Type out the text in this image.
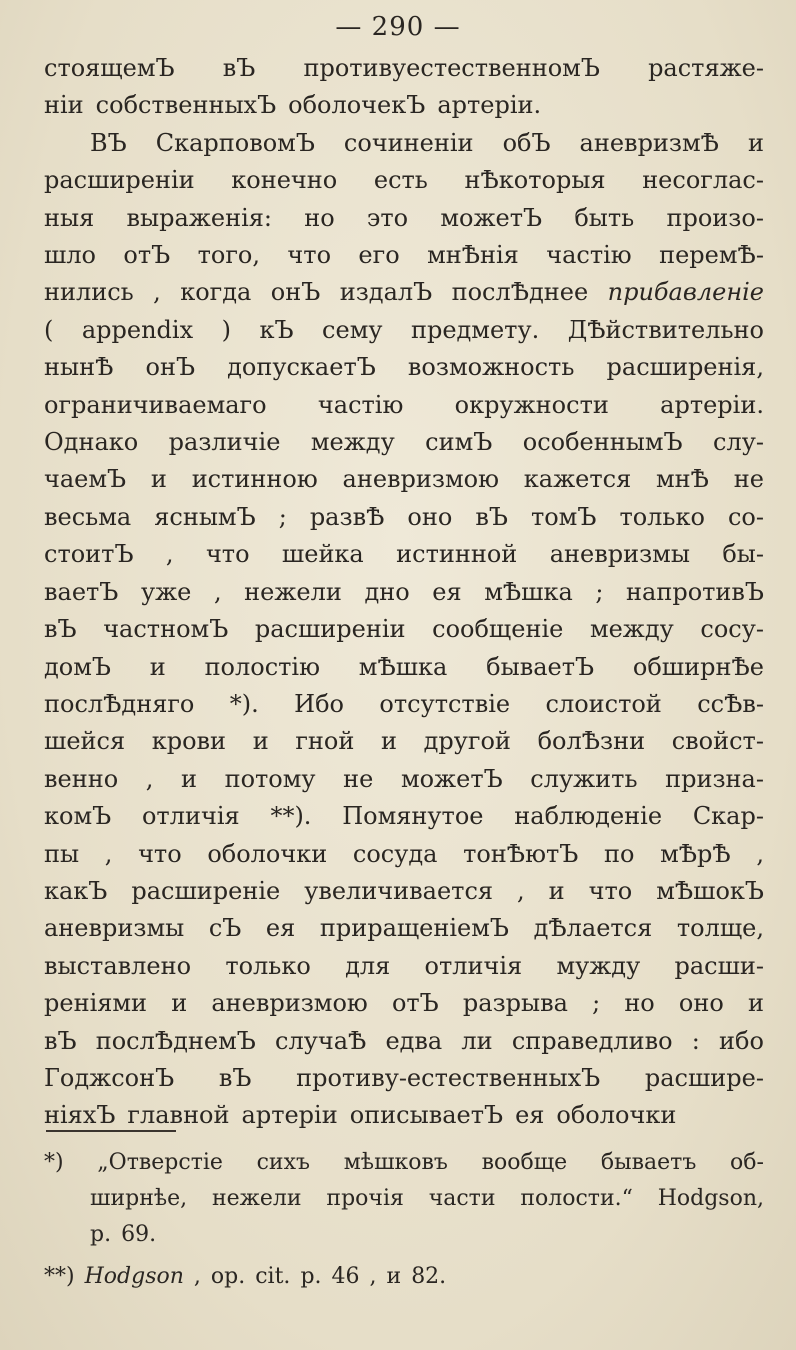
— 290 —
стоящемЪ вЪ противуестественномЪ растяже-
ніи собственныхЪ оболочекЪ артеріи.
ВЪ СкарповомЪ сочиненіи обЪ аневризмѢ и
расширеніи конечно есть нѢкоторыя несоглас-
ныя выраженія: но это можетЪ быть произо-
шло отЪ того, что его мнѢнія частію перемѢ-
нились , когда онЪ издалЪ послѢднее прибавленіе
( appendix ) кЪ сему предмету. ДѢйствительно
нынѢ онЪ допускаетЪ возможность расширенія,
ограничиваемаго частію окружности артеріи.
Однако различіе между симЪ особеннымЪ слу-
чаемЪ и истинною аневризмою кажется мнѢ не
весьма яснымЪ ; развѢ оно вЪ томЪ только со-
стоитЪ , что шейка истинной аневризмы бы-
ваетЪ уже , нежели дно ея мѢшка ; напротивЪ
вЪ частномЪ расширеніи сообщеніе между сосу-
домЪ и полостію мѢшка бываетЪ обширнѢе
послѢдняго *). Ибо отсутствіе слоистой ссѢв-
шейся крови и гной и другой болѢзни свойст-
венно , и потому не можетЪ служить призна-
комЪ отличія **). Помянутое наблюденіе Скар-
пы , что оболочки сосуда тонѢютЪ по мѢрѢ ,
какЪ расширеніе увеличивается , и что мѢшокЪ
аневризмы сЪ ея приращеніемЪ дѢлается толще,
выставлено только для отличія мужду расши-
реніями и аневризмою отЪ разрыва ; но оно и
вЪ послѢднемЪ случаѢ едва ли справедливо : ибо
ГоджсонЪ вЪ противу-естественныхЪ расшире-
ніяхЪ главной артеріи описываетЪ ея оболочки
*) „Отверстіе сихъ мѣшковъ вообще бываетъ об-
ширнѣе, нежели прочія части полости.“ Hodgson,
p. 69.
**) Hodgson , op. cit. p. 46 , и 82.
